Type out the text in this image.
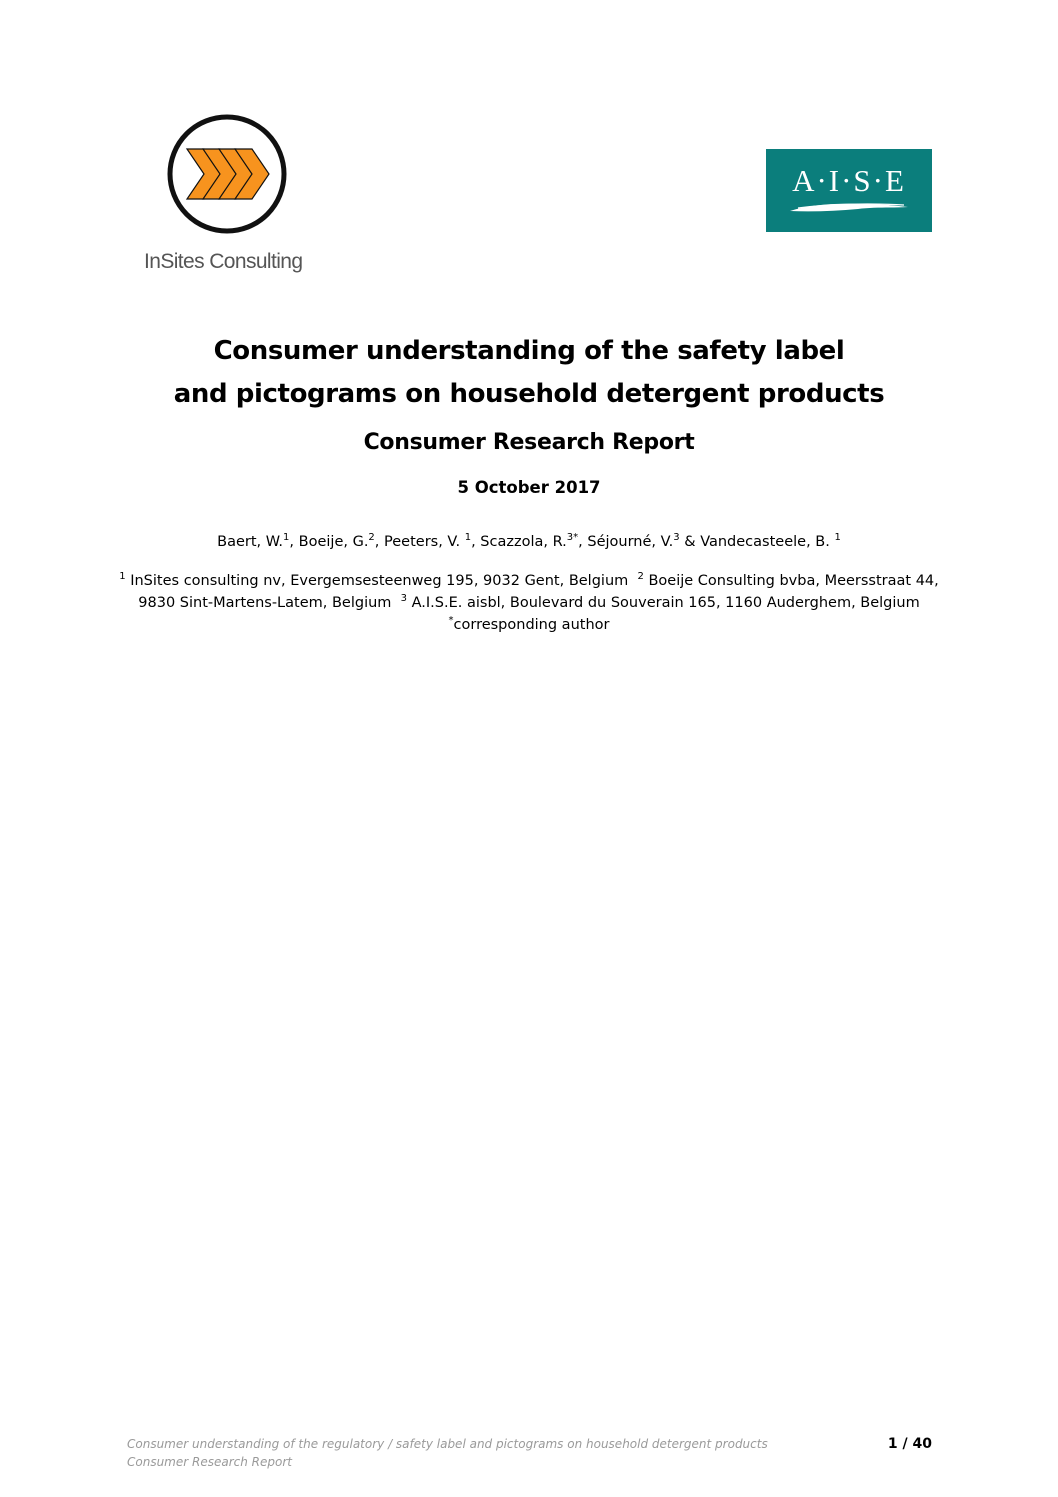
InSites Consulting
A·I·S·E
Consumer understanding of the safety label
and pictograms on household detergent products
Consumer Research Report
5 October 2017
Baert, W.$^1$, Boeije, G.$^2$, Peeters, V. $^1$, Scazzola, R.$^{3*}$, Séjourné, V.$^3$ & Vandecasteele, B. $^1$
$^1$ InSites consulting nv, Evergemsesteenweg 195, 9032 Gent, Belgium $^2$ Boeije Consulting bvba, Meersstraat 44, 9830 Sint-Martens-Latem, Belgium $^3$ A.I.S.E. aisbl, Boulevard du Souverain 165, 1160 Auderghem, Belgium
*corresponding author
Consumer understanding of the regulatory / safety label and pictograms on household detergent products
Consumer Research Report
1 / 40
